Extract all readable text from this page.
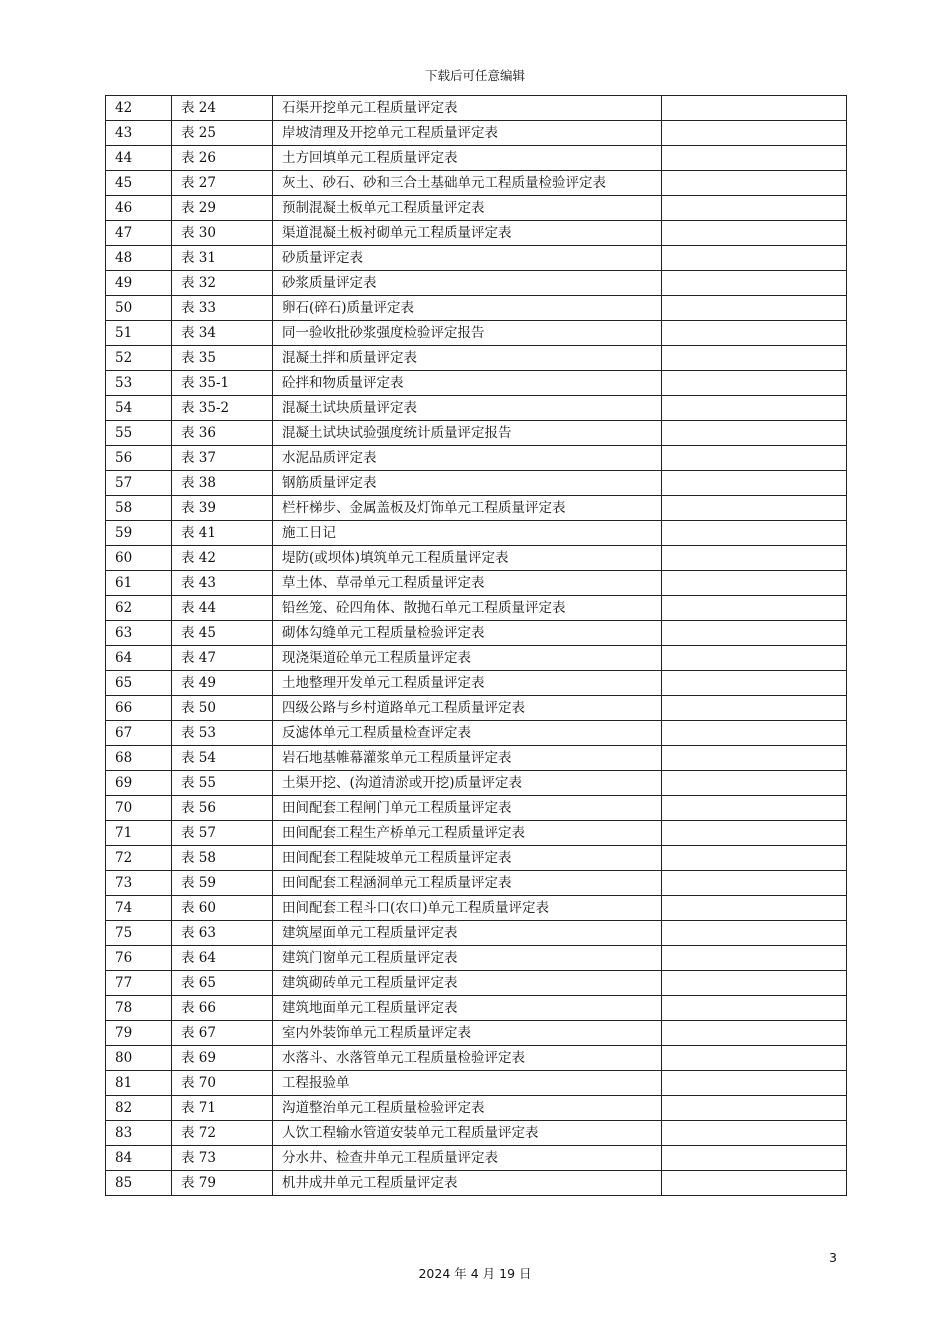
下载后可任意编辑
42	表 24	石渠开挖单元工程质量评定表	
43	表 25	岸坡清理及开挖单元工程质量评定表	
44	表 26	土方回填单元工程质量评定表	
45	表 27	灰土、砂石、砂和三合土基础单元工程质量检验评定表	
46	表 29	预制混凝土板单元工程质量评定表	
47	表 30	渠道混凝土板衬砌单元工程质量评定表	
48	表 31	砂质量评定表	
49	表 32	砂浆质量评定表	
50	表 33	卵石(碎石)质量评定表	
51	表 34	同一验收批砂浆强度检验评定报告	
52	表 35	混凝土拌和质量评定表	
53	表 35-1	砼拌和物质量评定表	
54	表 35-2	混凝土试块质量评定表	
55	表 36	混凝土试块试验强度统计质量评定报告	
56	表 37	水泥品质评定表	
57	表 38	钢筋质量评定表	
58	表 39	栏杆梯步、金属盖板及灯饰单元工程质量评定表	
59	表 41	施工日记	
60	表 42	堤防(或坝体)填筑单元工程质量评定表	
61	表 43	草土体、草帚单元工程质量评定表	
62	表 44	铅丝笼、砼四角体、散抛石单元工程质量评定表	
63	表 45	砌体勾缝单元工程质量检验评定表	
64	表 47	现浇渠道砼单元工程质量评定表	
65	表 49	土地整理开发单元工程质量评定表	
66	表 50	四级公路与乡村道路单元工程质量评定表	
67	表 53	反滤体单元工程质量检查评定表	
68	表 54	岩石地基帷幕灌浆单元工程质量评定表	
69	表 55	土渠开挖、(沟道清淤或开挖)质量评定表	
70	表 56	田间配套工程闸门单元工程质量评定表	
71	表 57	田间配套工程生产桥单元工程质量评定表	
72	表 58	田间配套工程陡坡单元工程质量评定表	
73	表 59	田间配套工程涵洞单元工程质量评定表	
74	表 60	田间配套工程斗口(农口)单元工程质量评定表	
75	表 63	建筑屋面单元工程质量评定表	
76	表 64	建筑门窗单元工程质量评定表	
77	表 65	建筑砌砖单元工程质量评定表	
78	表 66	建筑地面单元工程质量评定表	
79	表 67	室内外装饰单元工程质量评定表	
80	表 69	水落斗、水落管单元工程质量检验评定表	
81	表 70	工程报验单	
82	表 71	沟道整治单元工程质量检验评定表	
83	表 72	人饮工程输水管道安装单元工程质量评定表	
84	表 73	分水井、检查井单元工程质量评定表	
85	表 79	机井成井单元工程质量评定表	
3
2024 年 4 月 19 日
